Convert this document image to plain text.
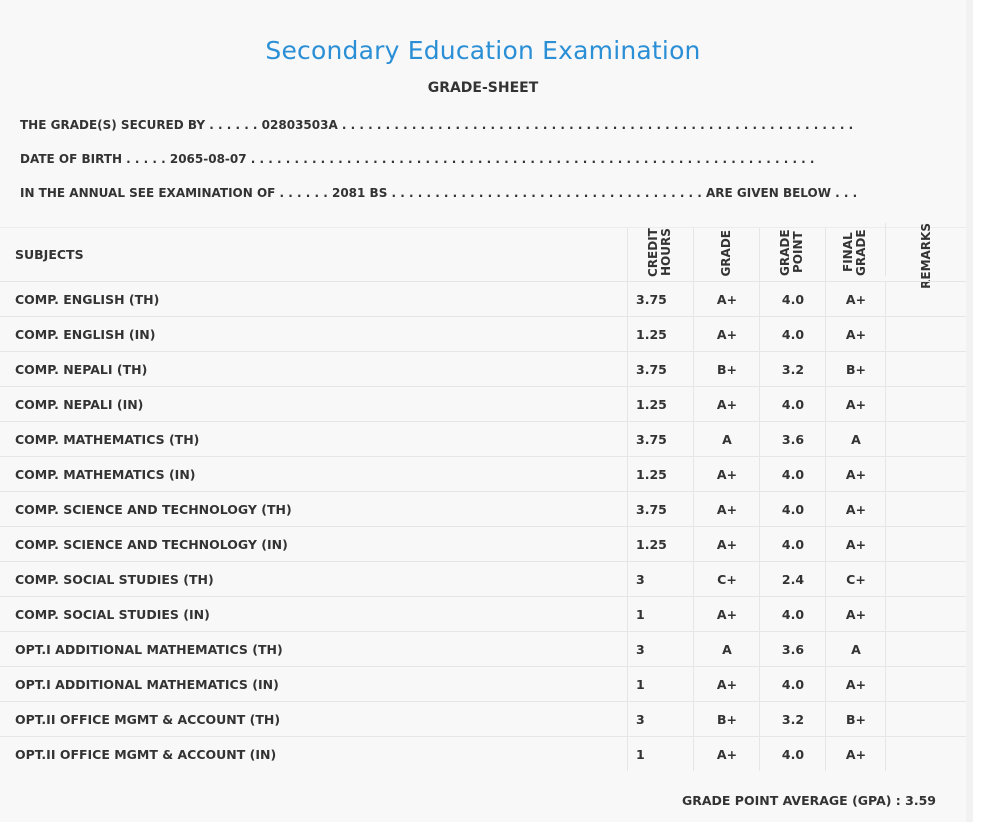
Secondary Education Examination
GRADE-SHEET
THE GRADE(S) SECURED BY . . . . . . 02803503A . . . . . . . . . . . . . . . . . . . . . . . . . . . . . . . . . . . . . . . . . . . . . . . . . . . . . . . . . . .
DATE OF BIRTH . . . . . 2065-08-07 . . . . . . . . . . . . . . . . . . . . . . . . . . . . . . . . . . . . . . . . . . . . . . . . . . . . . . . . . . . . . . . . .
IN THE ANNUAL SEE EXAMINATION OF . . . . . . 2081 BS . . . . . . . . . . . . . . . . . . . . . . . . . . . . . . . . . . . . ARE GIVEN BELOW . . .
SUBJECTS	CREDIT HOURS	GRADE	GRADE POINT	FINAL GRADE	REMARKS
COMP. ENGLISH (TH)	3.75	A+	4.0	A+
COMP. ENGLISH (IN)	1.25	A+	4.0	A+
COMP. NEPALI (TH)	3.75	B+	3.2	B+
COMP. NEPALI (IN)	1.25	A+	4.0	A+
COMP. MATHEMATICS (TH)	3.75	A	3.6	A
COMP. MATHEMATICS (IN)	1.25	A+	4.0	A+
COMP. SCIENCE AND TECHNOLOGY (TH)	3.75	A+	4.0	A+
COMP. SCIENCE AND TECHNOLOGY (IN)	1.25	A+	4.0	A+
COMP. SOCIAL STUDIES (TH)	3	C+	2.4	C+
COMP. SOCIAL STUDIES (IN)	1	A+	4.0	A+
OPT.I ADDITIONAL MATHEMATICS (TH)	3	A	3.6	A
OPT.I ADDITIONAL MATHEMATICS (IN)	1	A+	4.0	A+
OPT.II OFFICE MGMT & ACCOUNT (TH)	3	B+	3.2	B+
OPT.II OFFICE MGMT & ACCOUNT (IN)	1	A+	4.0	A+
GRADE POINT AVERAGE (GPA) : 3.59
